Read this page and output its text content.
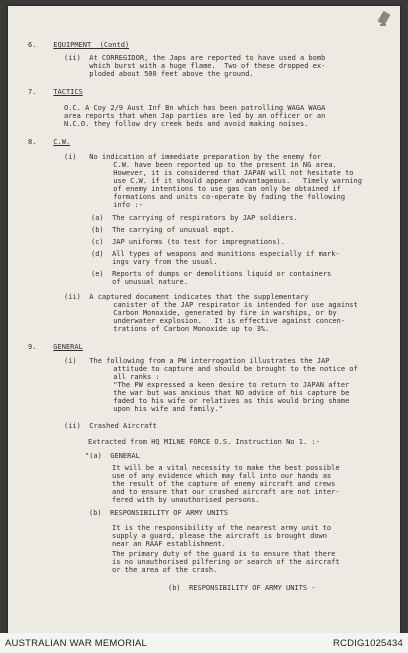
6.    EQUIPMENT  (Contd)
(ii)  At CORREGIDOR, the Japs are reported to have used a bomb
which burst with a huge flame.  Two of these dropped ex-
ploded about 500 feet above the ground.
7.    TACTICS
O.C. A Coy 2/9 Aust Inf Bn which has been patrolling WAGA WAGA
area reports that when Jap parties are led by an officer or an
N.C.O. they follow dry creek beds and avoid making noises.
8.    C.W.
(i)   No indication of immediate preparation by the enemy for
C.W. have been reported up to the present in NG area.
However, it is considered that JAPAN will not hesitate to
use C.W. if it should appear advantageous.   Timely warning
of enemy intentions to use gas can only be obtained if
formations and units co-operate by fading the following
info :-
(a)  The carrying of respirators by JAP soldiers.
(b)  The carrying of unusual eqpt.
(c)  JAP uniforms (to test for impregnations).
(d)  All types of weapons and munitions especially if mark-
ings vary from the usual.
(e)  Reports of dumps or demolitions liquid or containers
of unusual nature.
(ii)  A captured document indicates that the supplementary
canister of the JAP respirator is intended for use against
Carbon Monoxide, generated by fire in warships, or by
underwater explosion.   It is effective against concen-
trations of Carbon Monoxide up to 3%.
9.    GENERAL
(i)   The following from a PW interrogation illustrates the JAP
attitude to capture and should be brought to the notice of
all ranks :
"The PW expressed a keen desire to return to JAPAN after
the war but was anxious that NO advice of his capture be
faded to his wife or relatives as this would bring shame
upon his wife and family."
(ii)  Crashed Aircraft
Extracted from HQ MILNE FORCE O.S. Instruction No 1. :-
"(a)  GENERAL
It will be a vital necessity to make the best possible
use of any evidence which may fall into our hands as
the result of the capture of enemy aircraft and crews
and to ensure that our crashed aircraft are not inter-
fered with by unauthorised persons.
(b)  RESPONSIBILITY OF ARMY UNITS
It is the responsibility of the nearest army unit to
supply a guard, please the aircraft is brought down
near an RAAF establishment.
The primary duty of the guard is to ensure that there
is no unauthorised pilfering or search of the aircraft
or the area of the crash.
(b)  RESPONSIBILITY OF ARMY UNITS -
AUSTRALIAN WAR MEMORIAL	RCDIG1025434
